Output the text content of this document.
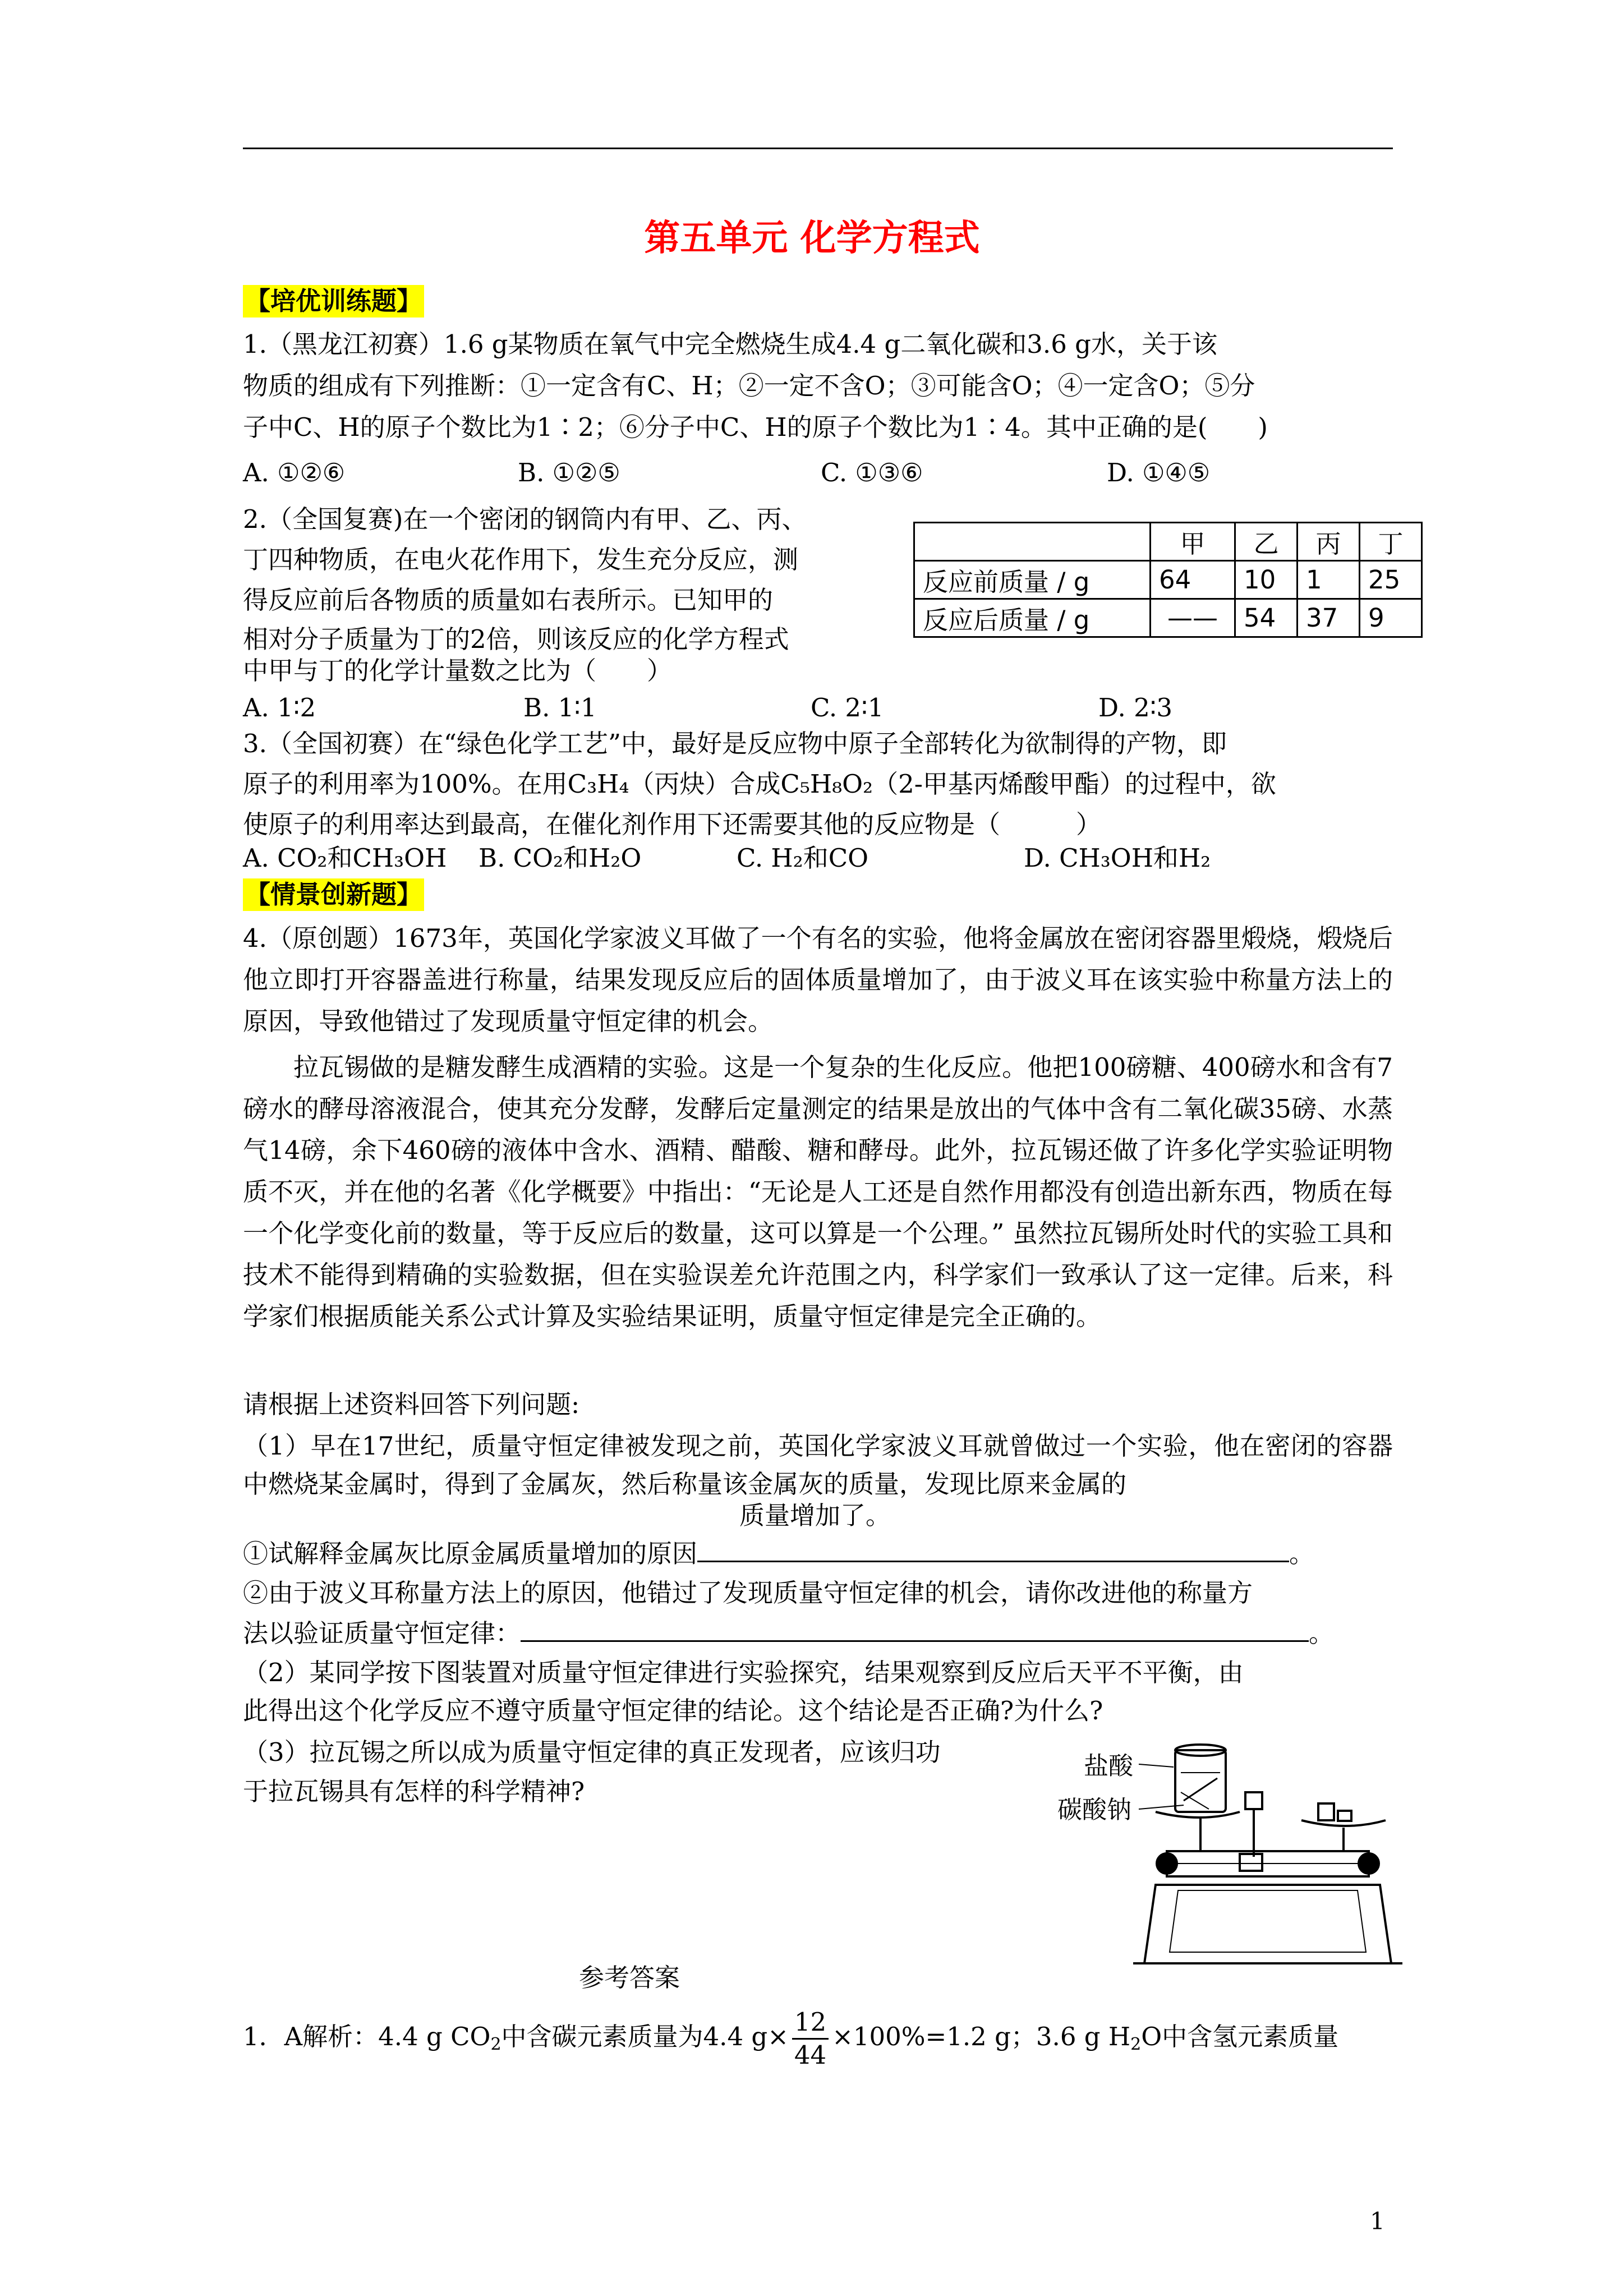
第五单元 化学方程式
【培优训练题】
1.（黑龙江初赛）1.6 g某物质在氧气中完全燃烧生成4.4 g二氧化碳和3.6 g水，关于该
物质的组成有下列推断：①一定含有C、H；②一定不含O；③可能含O；④一定含O；⑤分
子中C、H的原子个数比为1∶2；⑥分子中C、H的原子个数比为1∶4。其中正确的是(　　)
A. ①②⑥	B. ①②⑤	C. ①③⑥	D. ①④⑤
2.（全国复赛)在一个密闭的钢筒内有甲、乙、丙、
丁四种物质，在电火花作用下，发生充分反应，测
得反应前后各物质的质量如右表所示。已知甲的
相对分子质量为丁的2倍，则该反应的化学方程式
中甲与丁的化学计量数之比为（　　）
	甲	乙	丙	丁
反应前质量 / g	64	10	1	25
反应后质量 / g	——	54	37	9
A. 1∶2	B. 1∶1	C. 2∶1	D. 2∶3
3.（全国初赛）在“绿色化学工艺”中，最好是反应物中原子全部转化为欲制得的产物，即
原子的利用率为100%。在用C₃H₄（丙炔）合成C₅H₈O₂（2-甲基丙烯酸甲酯）的过程中，欲
使原子的利用率达到最高，在催化剂作用下还需要其他的反应物是（　　　）
A. CO₂和CH₃OH B. CO₂和H₂O	C. H₂和CO	D. CH₃OH和H₂
【情景创新题】
4.（原创题）1673年，英国化学家波义耳做了一个有名的实验，他将金属放在密闭容器里煅烧，煅烧后他立即打开容器盖进行称量，结果发现反应后的固体质量增加了，由于波义耳在该实验中称量方法上的原因，导致他错过了发现质量守恒定律的机会。
拉瓦锡做的是糖发酵生成酒精的实验。这是一个复杂的生化反应。他把100磅糖、400磅水和含有7磅水的酵母溶液混合，使其充分发酵，发酵后定量测定的结果是放出的气体中含有二氧化碳35磅、水蒸气14磅，余下460磅的液体中含水、酒精、醋酸、糖和酵母。此外，拉瓦锡还做了许多化学实验证明物质不灭，并在他的名著《化学概要》中指出：“无论是人工还是自然作用都没有创造出新东西，物质在每一个化学变化前的数量，等于反应后的数量，这可以算是一个公理。” 虽然拉瓦锡所处时代的实验工具和技术不能得到精确的实验数据，但在实验误差允许范围之内，科学家们一致承认了这一定律。后来，科学家们根据质能关系公式计算及实验结果证明，质量守恒定律是完全正确的。
请根据上述资料回答下列问题:
（1）早在17世纪，质量守恒定律被发现之前，英国化学家波义耳就曾做过一个实验，他在密闭的容器中燃烧某金属时，得到了金属灰，然后称量该金属灰的质量，发现比原来金属的
质量增加了。
①试解释金属灰比原金属质量增加的原因	。
②由于波义耳称量方法上的原因，他错过了发现质量守恒定律的机会，请你改进他的称量方
法以验证质量守恒定律：	。
（2）某同学按下图装置对质量守恒定律进行实验探究，结果观察到反应后天平不平衡，由
此得出这个化学反应不遵守质量守恒定律的结论。这个结论是否正确?为什么?
（3）拉瓦锡之所以成为质量守恒定律的真正发现者，应该归功
于拉瓦锡具有怎样的科学精神?
盐酸
碳酸钠
参考答案
1．A解析：4.4 g $CO_2$中含碳元素质量为4.4 $g\times \frac{12}{44} \times 100\%=1.2$ g；3.6 g $H_2O$中含氢元素质量
1
